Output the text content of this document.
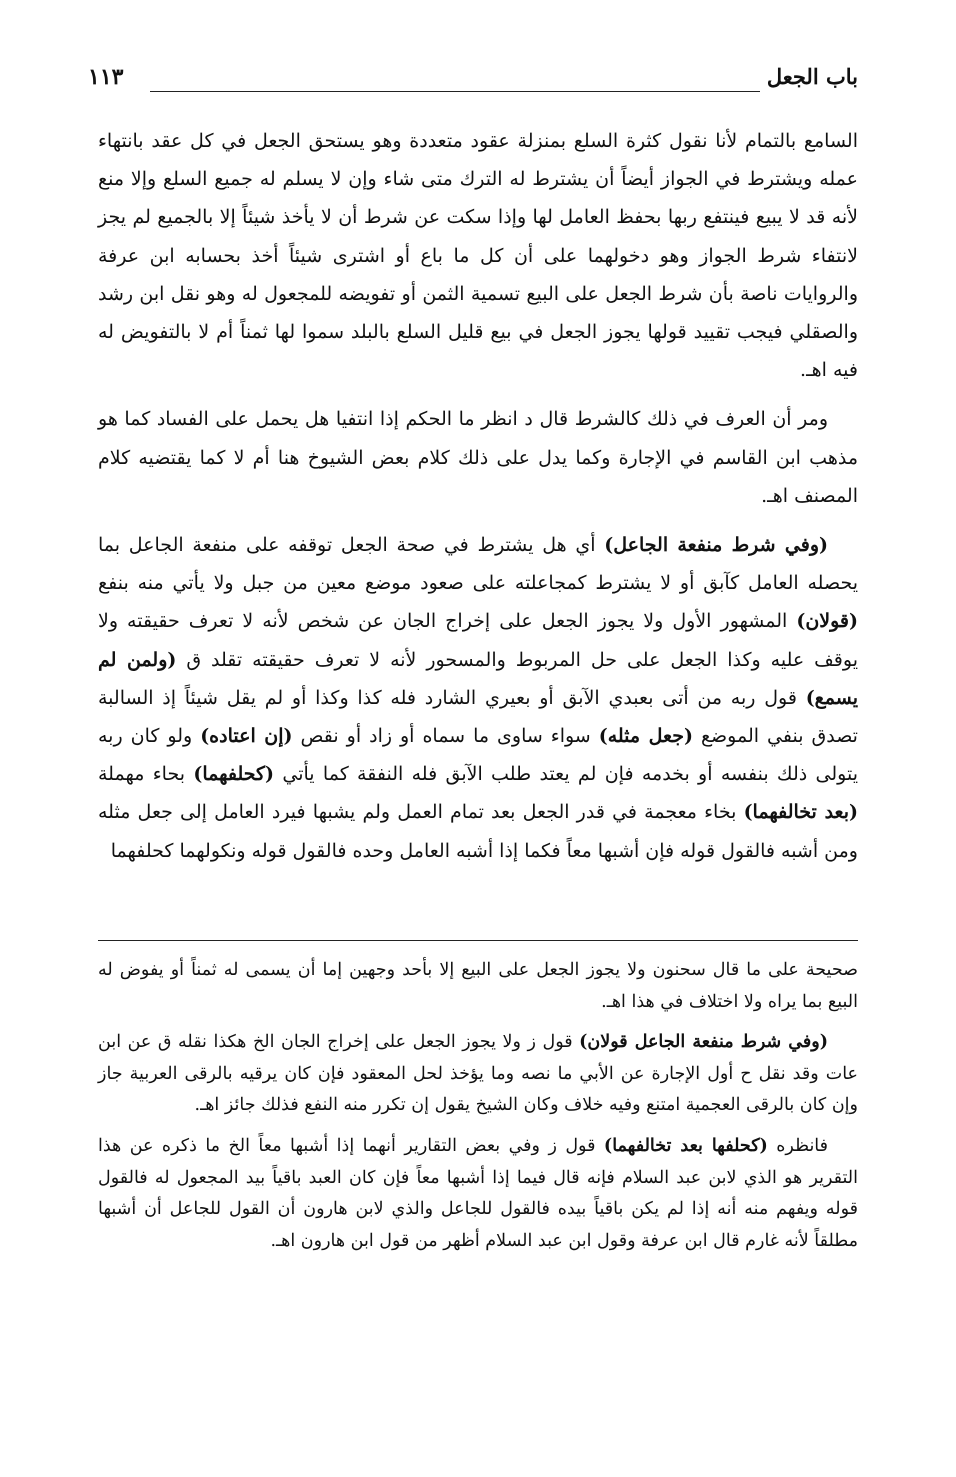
باب الجعل
١١٣

السامع بالتمام لأنا نقول كثرة السلع بمنزلة عقود متعددة وهو يستحق الجعل في كل عقد بانتهاء عمله ويشترط في الجواز أيضاً أن يشترط له الترك متى شاء وإن لا يسلم له جميع السلع وإلا منع لأنه قد لا يبيع فينتفع ربها بحفظ العامل لها وإذا سكت عن شرط أن لا يأخذ شيئاً إلا بالجميع لم يجز لانتفاء شرط الجواز وهو دخولهما على أن كل ما باع أو اشترى شيئاً أخذ بحسابه ابن عرفة والروايات ناصة بأن شرط الجعل على البيع تسمية الثمن أو تفويضه للمجعول له وهو نقل ابن رشد والصقلي فيجب تقييد قولها يجوز الجعل في بيع قليل السلع بالبلد سموا لها ثمناً أم لا بالتفويض له فيه اهـ.

ومر أن العرف في ذلك كالشرط قال د انظر ما الحكم إذا انتفيا هل يحمل على الفساد كما هو مذهب ابن القاسم في الإجارة وكما يدل على ذلك كلام بعض الشيوخ هنا أم لا كما يقتضيه كلام المصنف اهـ.

(وفي شرط منفعة الجاعل) أي هل يشترط في صحة الجعل توقفه على منفعة الجاعل بما يحصله العامل كآبق أو لا يشترط كمجاعلته على صعود موضع معين من جبل ولا يأتي منه بنفع (قولان) المشهور الأول ولا يجوز الجعل على إخراج الجان عن شخص لأنه لا تعرف حقيقته ولا يوقف عليه وكذا الجعل على حل المربوط والمسحور لأنه لا تعرف حقيقته تقلد ق (ولمن لم يسمع) قول ربه من أتى بعبدي الآبق أو بعيري الشارد فله كذا وكذا أو لم يقل شيئاً إذ السالبة تصدق بنفي الموضع (جعل مثله) سواء ساوى ما سماه أو زاد أو نقص (إن اعتاده) ولو كان ربه يتولى ذلك بنفسه أو بخدمه فإن لم يعتد طلب الآبق فله النفقة كما يأتي (كحلفهما) بحاء مهملة (بعد تخالفهما) بخاء معجمة في قدر الجعل بعد تمام العمل ولم يشبها فيرد العامل إلى جعل مثله ومن أشبه فالقول قوله فإن أشبها معاً فكما إذا أشبه العامل وحده فالقول قوله ونكولهما كحلفهما

صحيحة على ما قال سحنون ولا يجوز الجعل على البيع إلا بأحد وجهين إما أن يسمى له ثمناً أو يفوض له البيع بما يراه ولا اختلاف في هذا اهـ.

(وفي شرط منفعة الجاعل قولان) قول ز ولا يجوز الجعل على إخراج الجان الخ هكذا نقله ق عن ابن عات وقد نقل ح أول الإجارة عن الأبي ما نصه وما يؤخذ لحل المعقود فإن كان يرقيه بالرقى العربية جاز وإن كان بالرقى العجمية امتنع وفيه خلاف وكان الشيخ يقول إن تكرر منه النفع فذلك جائز اهـ.

فانظره (كحلفها بعد تخالفهما) قول ز وفي بعض التقارير أنهما إذا أشبها معاً الخ ما ذكره عن هذا التقرير هو الذي لابن عبد السلام فإنه قال فيما إذا أشبها معاً فإن كان العبد باقياً بيد المجعول له فالقول قوله ويفهم منه أنه إذا لم يكن باقياً بيده فالقول للجاعل والذي لابن هارون أن القول للجاعل أن أشبها مطلقاً لأنه غارم قال ابن عرفة وقول ابن عبد السلام أظهر من قول ابن هارون اهـ.
